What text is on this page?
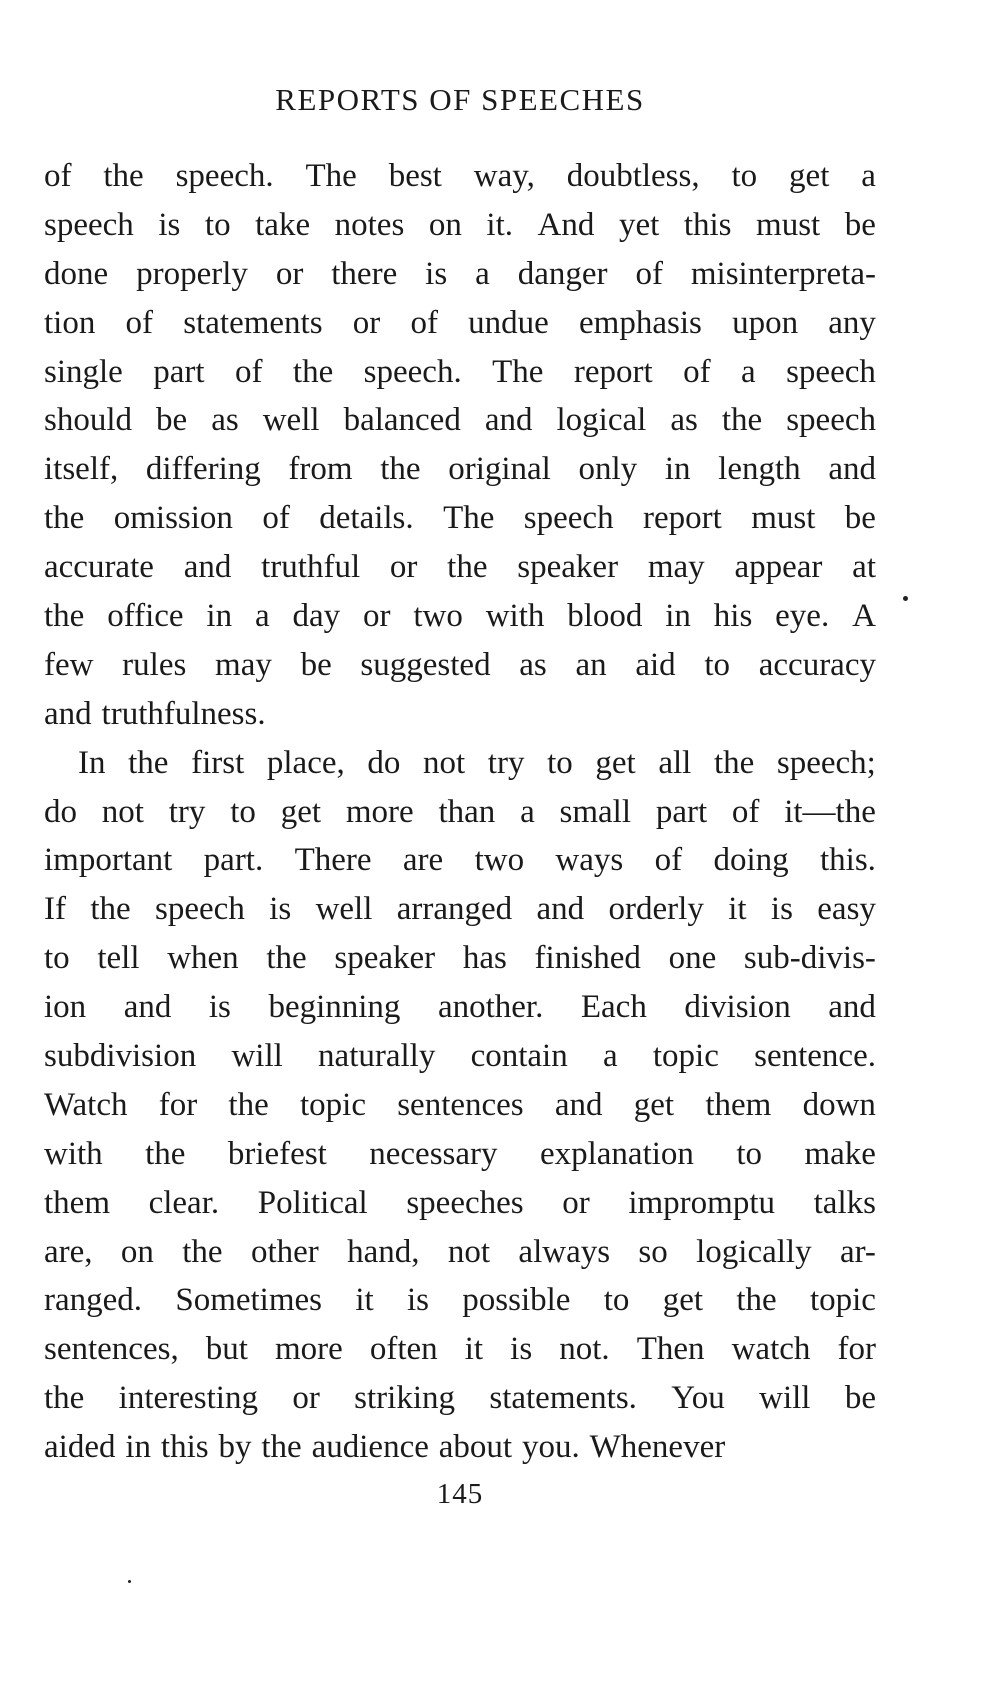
REPORTS OF SPEECHES
of the speech. The best way, doubtless, to get a
speech is to take notes on it. And yet this must be
done properly or there is a danger of misinterpreta-
tion of statements or of undue emphasis upon any
single part of the speech. The report of a speech
should be as well balanced and logical as the speech
itself, differing from the original only in length and
the omission of details. The speech report must be
accurate and truthful or the speaker may appear at
the office in a day or two with blood in his eye. A
few rules may be suggested as an aid to accuracy
and truthfulness.
In the first place, do not try to get all the speech;
do not try to get more than a small part of it—the
important part. There are two ways of doing this.
If the speech is well arranged and orderly it is easy
to tell when the speaker has finished one sub-divis-
ion and is beginning another. Each division and
subdivision will naturally contain a topic sentence.
Watch for the topic sentences and get them down
with the briefest necessary explanation to make
them clear. Political speeches or impromptu talks
are, on the other hand, not always so logically ar-
ranged. Sometimes it is possible to get the topic
sentences, but more often it is not. Then watch for
the interesting or striking statements. You will be
aided in this by the audience about you. Whenever
145
